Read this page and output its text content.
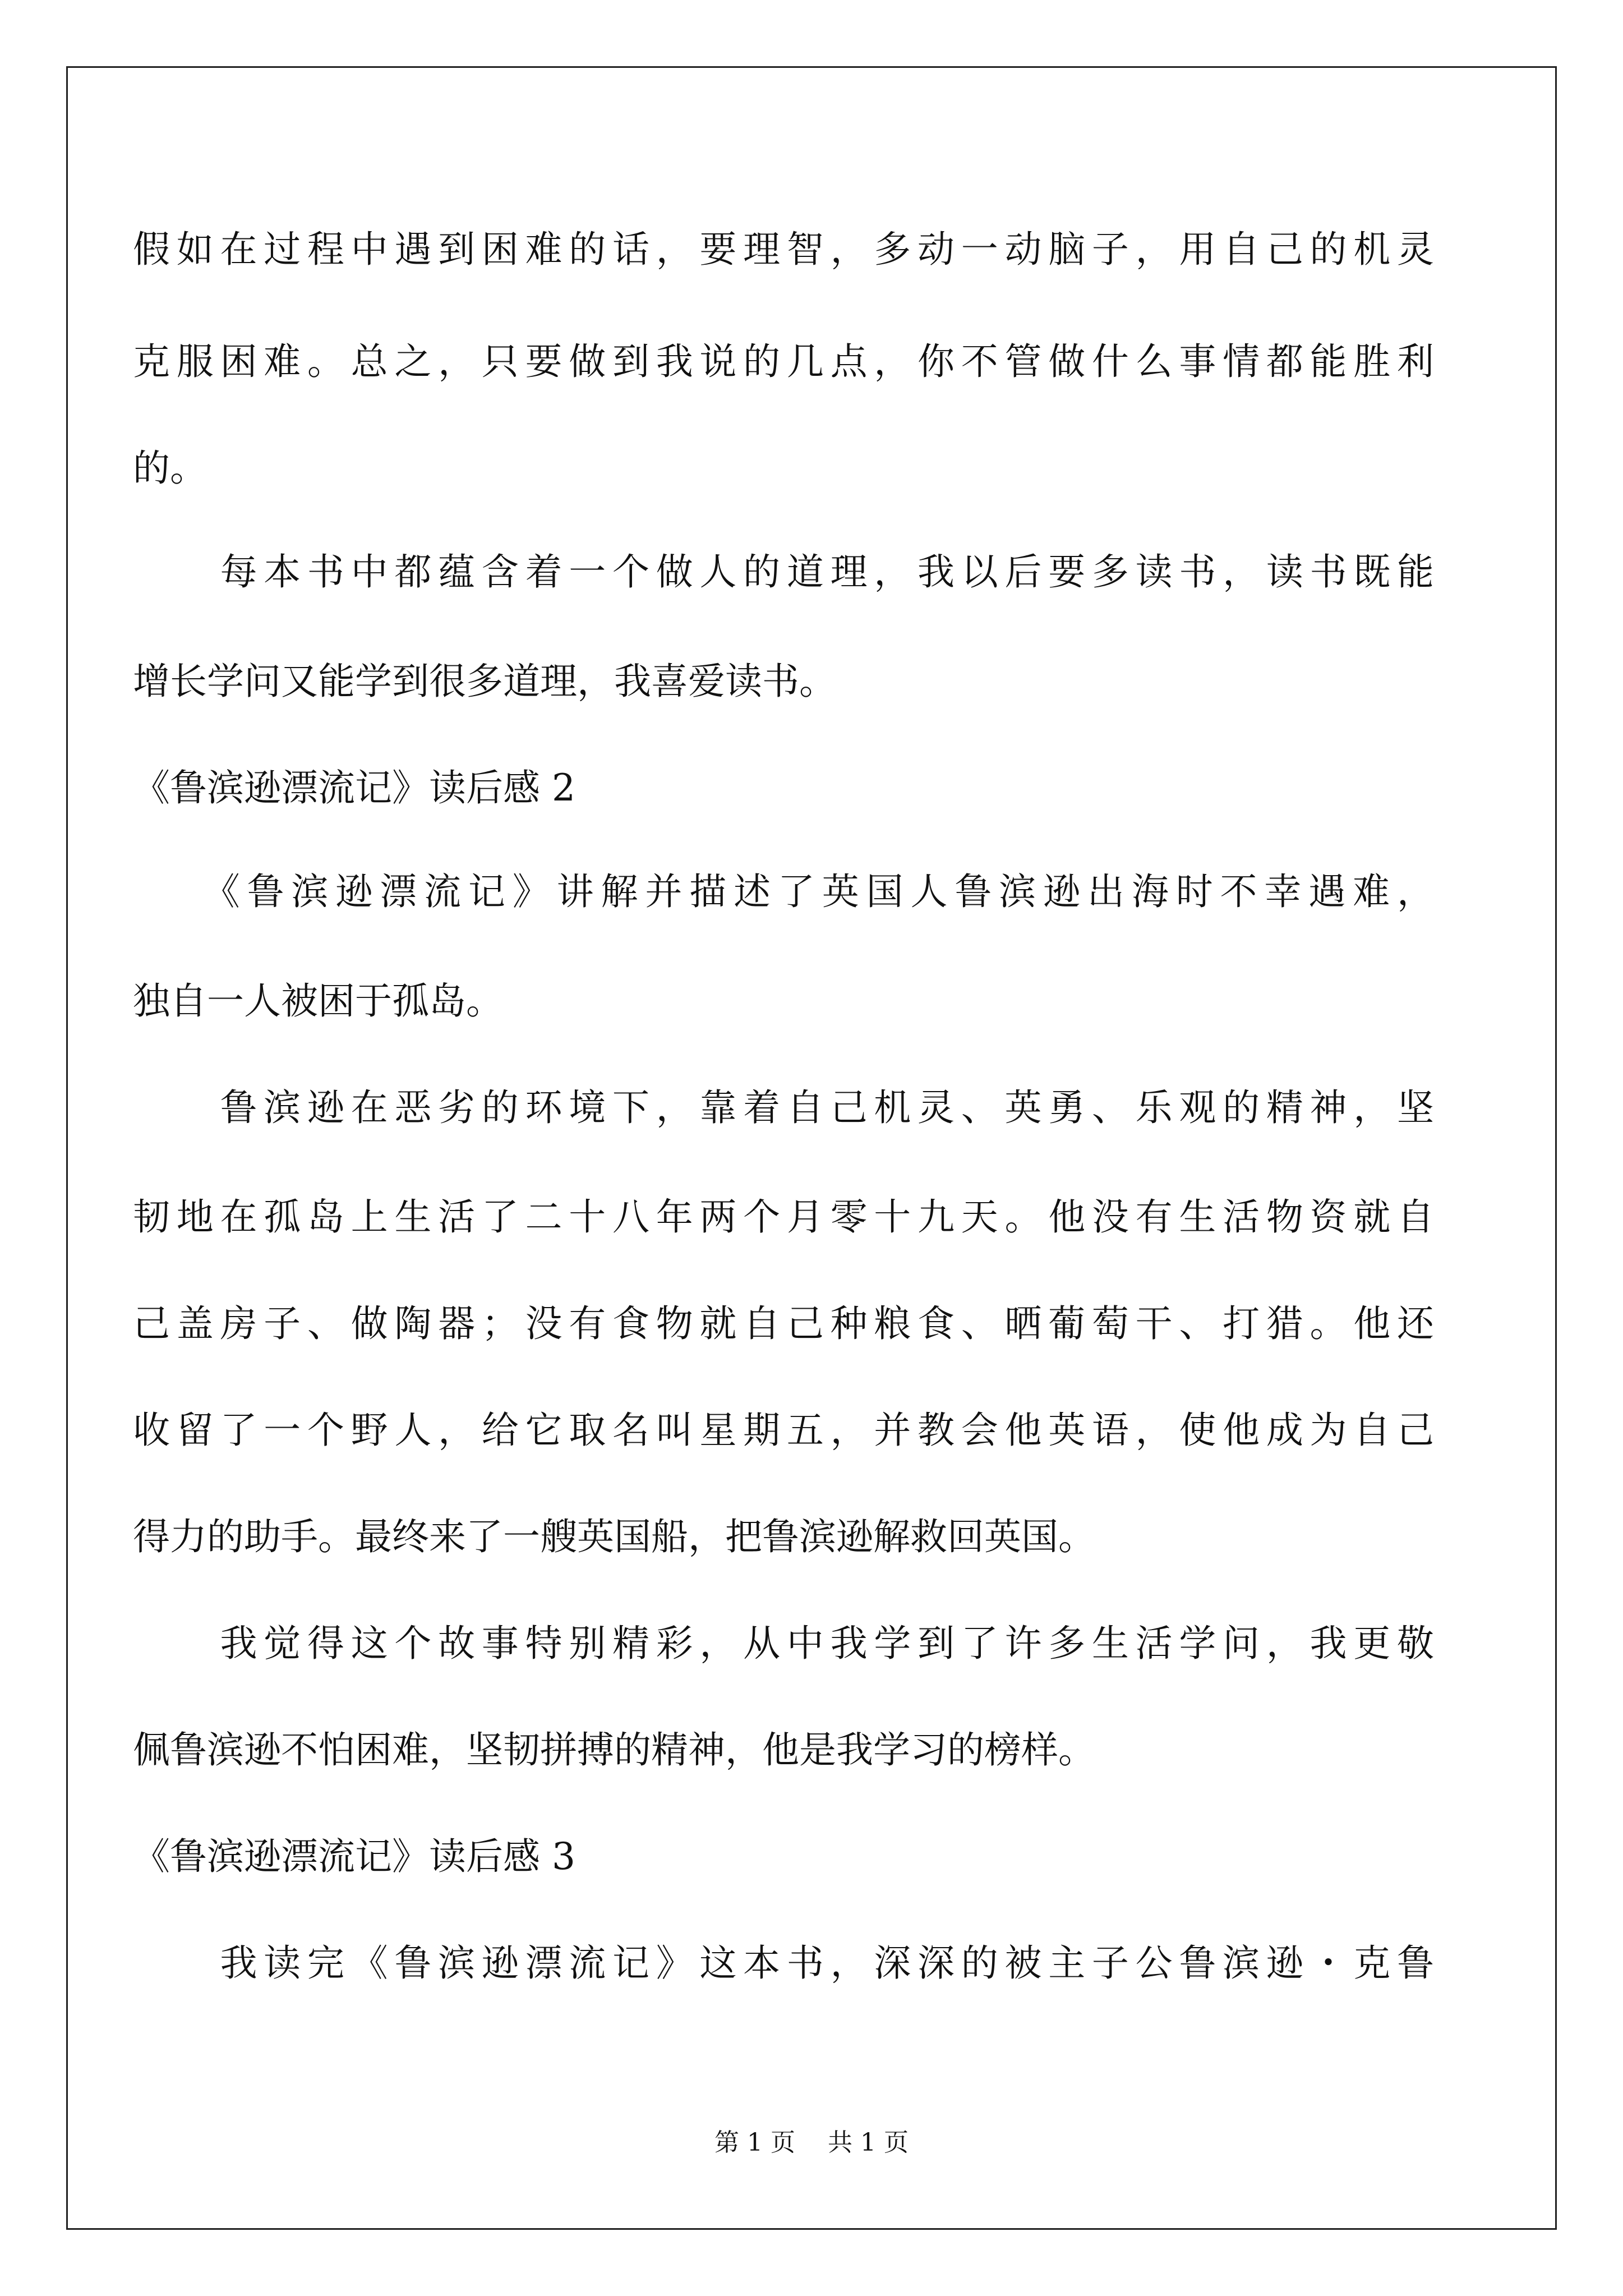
假如在过程中遇到困难的话，要理智，多动一动脑子，用自己的机灵
克服困难。总之，只要做到我说的几点，你不管做什么事情都能胜利
的。
　　每本书中都蕴含着一个做人的道理，我以后要多读书，读书既能
增长学问又能学到很多道理，我喜爱读书。
《鲁滨逊漂流记》读后感 2
　　《鲁滨逊漂流记》讲解并描述了英国人鲁滨逊出海时不幸遇难，
独自一人被困于孤岛。
　　鲁滨逊在恶劣的环境下，靠着自己机灵、英勇、乐观的精神，坚
韧地在孤岛上生活了二十八年两个月零十九天。他没有生活物资就自
己盖房子、做陶器；没有食物就自己种粮食、晒葡萄干、打猎。他还
收留了一个野人，给它取名叫星期五，并教会他英语，使他成为自己
得力的助手。最终来了一艘英国船，把鲁滨逊解救回英国。
　　我觉得这个故事特别精彩，从中我学到了许多生活学问，我更敬
佩鲁滨逊不怕困难，坚韧拼搏的精神，他是我学习的榜样。
《鲁滨逊漂流记》读后感 3
　　我读完《鲁滨逊漂流记》这本书，深深的被主子公鲁滨逊・克鲁
第 1 页　 共 1 页
